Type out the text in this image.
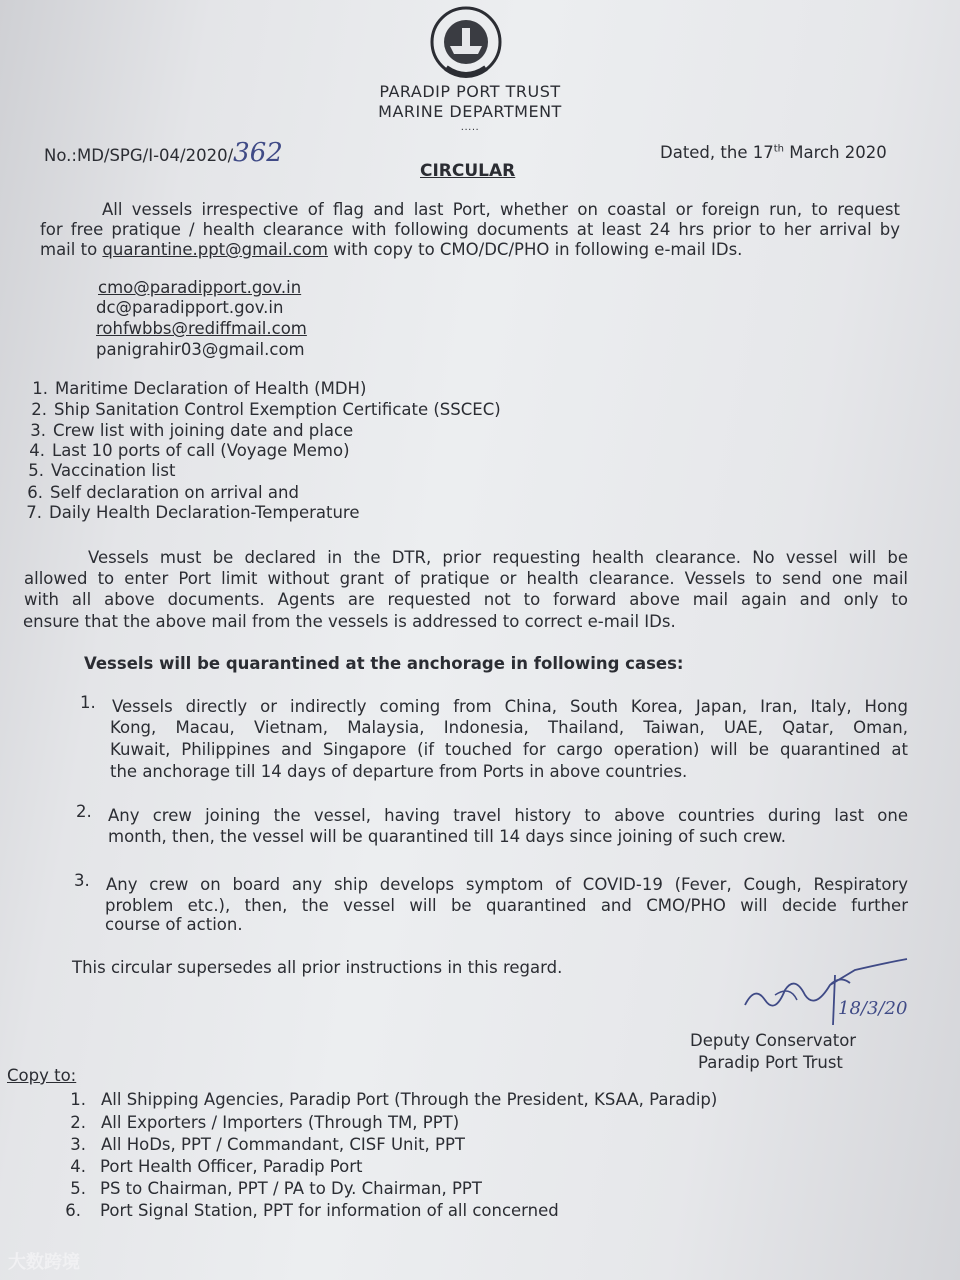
PARADIP PORT TRUST
MARINE DEPARTMENT
.....
No.:MD/SPG/I-04/2020/362	Dated, the 17th March 2020
CIRCULAR
All vessels irrespective of flag and last Port, whether on coastal or foreign run, to request
for free pratique / health clearance with following documents at least 24 hrs prior to her arrival by
mail to quarantine.ppt@gmail.com with copy to CMO/DC/PHO in following e-mail IDs.
cmo@paradipport.gov.in
dc@paradipport.gov.in
rohfwbbs@rediffmail.com
panigrahir03@gmail.com
1. Maritime Declaration of Health (MDH)
2. Ship Sanitation Control Exemption Certificate (SSCEC)
3. Crew list with joining date and place
4. Last 10 ports of call (Voyage Memo)
5. Vaccination list
6. Self declaration on arrival and
7. Daily Health Declaration-Temperature
Vessels must be declared in the DTR, prior requesting health clearance. No vessel will be
allowed to enter Port limit without grant of pratique or health clearance. Vessels to send one mail
with all above documents. Agents are requested not to forward above mail again and only to
ensure that the above mail from the vessels is addressed to correct e-mail IDs.
Vessels will be quarantined at the anchorage in following cases:
1. Vessels directly or indirectly coming from China, South Korea, Japan, Iran, Italy, Hong
Kong, Macau, Vietnam, Malaysia, Indonesia, Thailand, Taiwan, UAE, Qatar, Oman,
Kuwait, Philippines and Singapore (if touched for cargo operation) will be quarantined at
the anchorage till 14 days of departure from Ports in above countries.
2. Any crew joining the vessel, having travel history to above countries during last one
month, then, the vessel will be quarantined till 14 days since joining of such crew.
3. Any crew on board any ship develops symptom of COVID-19 (Fever, Cough, Respiratory
problem etc.), then, the vessel will be quarantined and CMO/PHO will decide further
course of action.
This circular supersedes all prior instructions in this regard.
18/3/20
Deputy Conservator
Paradip Port Trust
Copy to:
1. All Shipping Agencies, Paradip Port (Through the President, KSAA, Paradip)
2. All Exporters / Importers (Through TM, PPT)
3. All HoDs, PPT / Commandant, CISF Unit, PPT
4. Port Health Officer, Paradip Port
5. PS to Chairman, PPT / PA to Dy. Chairman, PPT
6. Port Signal Station, PPT for information of all concerned
大数跨境
